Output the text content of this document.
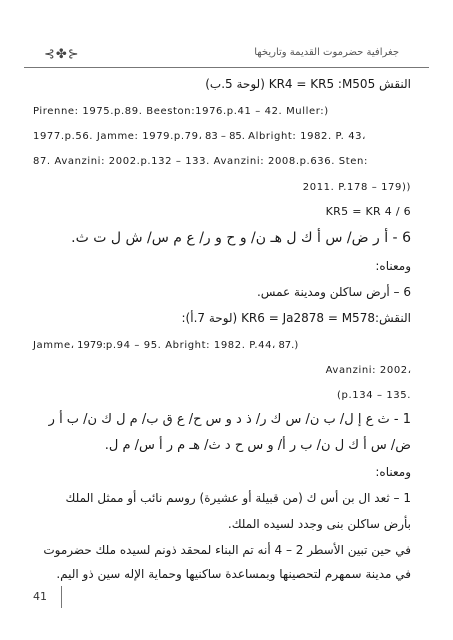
⊰✤⊱	جغرافية حضرموت القديمة وتاريخها
النقش KR4 = KR5 :M505 (لوحة 5.ب)
Pirenne: 1975.p.89. Beeston:1976.p.41 – 42. Muller:)
1977.p.56. Jamme: 1979.p.79، 83 – 85. Albright: 1982. P. 43،
87. Avanzini: 2002.p.132 – 133. Avanzini: 2008.p.636. Sten:
2011. P.178 – 179))
KR5 = KR 4 / 6
6 - أ ر ض/ س أ ك ل هـ ن/ و ح و ر/ ع م س/ ش ل ت ث.
ومعناه:
6 – أرض ساكلن ومدينة عمس.
النقش:KR6 = Ja2878 = M578 (لوحة 7.أ):
Jamme، 1979:p.94 – 95. Abright: 1982. P.44، 87.)
Avanzini: 2002،
(p.134 – 135.
1 - ث ع إ ل/ ب ن/ س ك ر/ ذ د و س ح/ ع ق ب/ م ل ك ن/ ب أ ر
ض/ س أ ك ل ن/ ب ر أ/ و س ح د ث/ هـ م ر أ س/ م ل.
ومعناه:
1 – ثعد ال بن أس ك (من قبيلة أو عشيرة) روسم نائب أو ممثل الملك
بأرض ساكلن بنى وجدد لسيده الملك.
في حين تبين الأسطر 2 – 4 أنه تم البناء لمحقد ذونم لسيده ملك حضرموت
في مدينة سمهرم لتحصينها وبمساعدة ساكنيها وحماية الإله سين ذو اليم.
41
